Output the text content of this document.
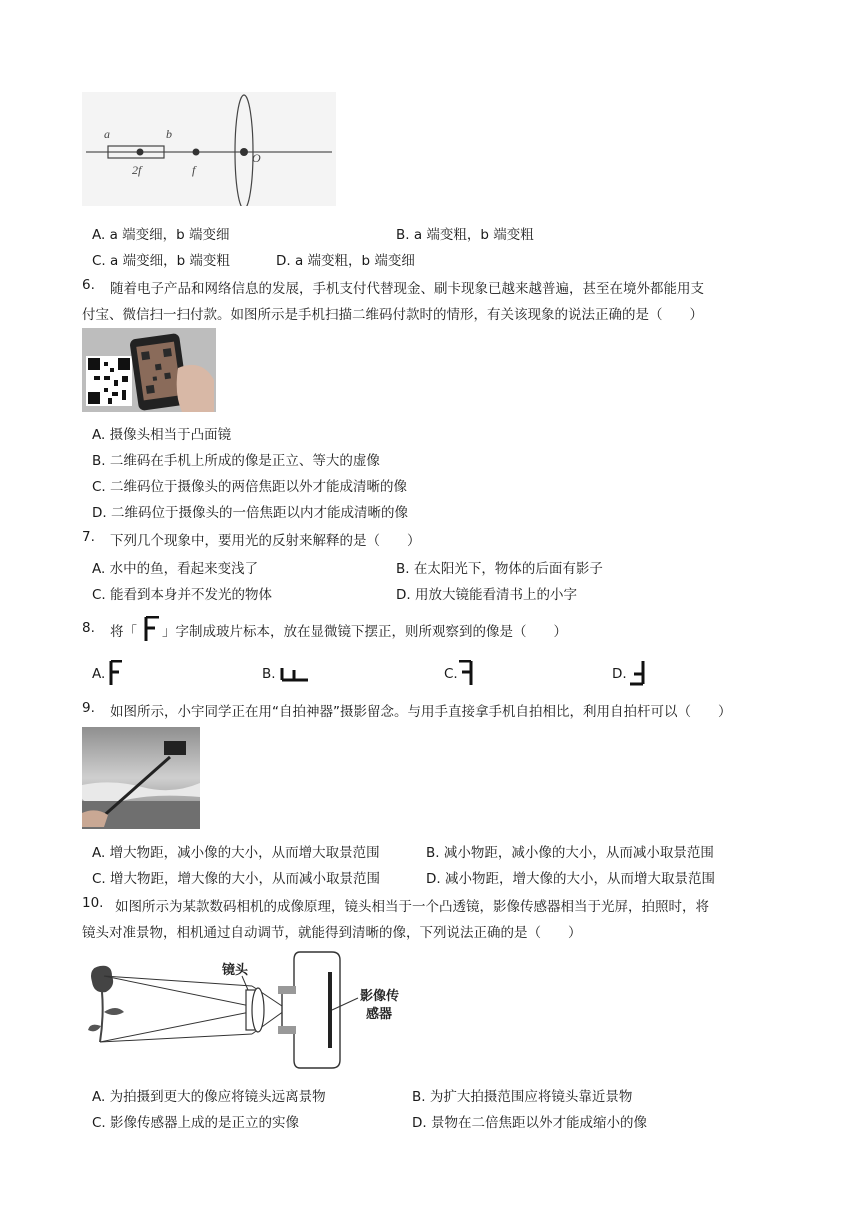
a	b
2f	f
O
A. a 端变细，b 端变细	B. a 端变粗，b 端变粗
C. a 端变细，b 端变粗	D. a 端变粗，b 端变细
6. 随着电子产品和网络信息的发展，手机支付代替现金、刷卡现象已越来越普遍，甚至在境外都能用支
付宝、微信扫一扫付款。如图所示是手机扫描二维码付款时的情形，有关该现象的说法正确的是（　　）
A. 摄像头相当于凸面镜
B. 二维码在手机上所成的像是正立、等大的虚像
C. 二维码位于摄像头的两倍焦距以外才能成清晰的像
D. 二维码位于摄像头的一倍焦距以内才能成清晰的像
7. 下列几个现象中，要用光的反射来解释的是（　　）
A. 水中的鱼，看起来变浅了	B. 在太阳光下，物体的后面有影子
C. 能看到本身并不发光的物体	D. 用放大镜能看清书上的小字
8. 将「 」字制成玻片标本，放在显微镜下摆正，则所观察到的像是（　　）
A.	B.	C.	D.
9. 如图所示，小宇同学正在用“自拍神器”摄影留念。与用手直接拿手机自拍相比，利用自拍杆可以（　　）
A. 增大物距，减小像的大小，从而增大取景范围	B. 减小物距，减小像的大小，从而减小取景范围
C. 增大物距，增大像的大小，从而减小取景范围	D. 减小物距，增大像的大小，从而增大取景范围
10. 如图所示为某款数码相机的成像原理，镜头相当于一个凸透镜，影像传感器相当于光屏，拍照时，将
镜头对准景物，相机通过自动调节，就能得到清晰的像，下列说法正确的是（　　）
镜头
影像传
感器
A. 为拍摄到更大的像应将镜头远离景物	B. 为扩大拍摄范围应将镜头靠近景物
C. 影像传感器上成的是正立的实像	D. 景物在二倍焦距以外才能成缩小的像
